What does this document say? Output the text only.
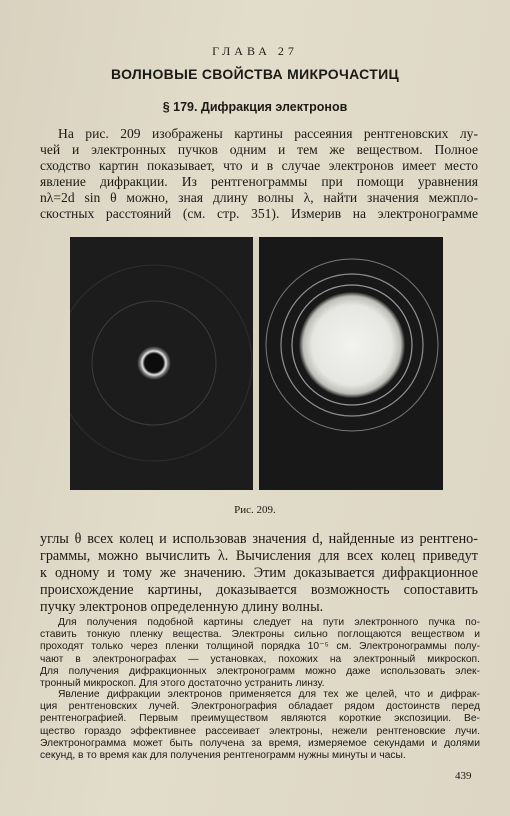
ГЛАВА 27
ВОЛНОВЫЕ СВОЙСТВА МИКРОЧАСТИЦ
§ 179. Дифракция электронов
На рис. 209 изображены картины рассеяния рентгеновских лу-
чей и электронных пучков одним и тем же веществом. Полное
сходство картин показывает, что и в случае электронов имеет место
явление дифракции. Из рентгенограммы при помощи уравнения
nλ=2d sin θ можно, зная длину волны λ, найти значения межпло-
скостных расстояний (см. стр. 351). Измерив на электронограмме
Рис. 209.
углы θ всех колец и использовав значения d, найденные из рентгено-
граммы, можно вычислить λ. Вычисления для всех колец приведут
к одному и тому же значению. Этим доказывается дифракционное
происхождение картины, доказывается возможность сопоставить
пучку электронов определенную длину волны.
Для получения подобной картины следует на пути электронного пучка по-
ставить тонкую пленку вещества. Электроны сильно поглощаются веществом и
проходят только через пленки толщиной порядка 10⁻⁵ см. Электронограммы полу-
чают в электронографах — установках, похожих на электронный микроскоп.
Для получения дифракционных электронограмм можно даже использовать элек-
тронный микроскоп. Для этого достаточно устранить линзу.
Явление дифракции электронов применяется для тех же целей, что и дифрак-
ция рентгеновских лучей. Электронография обладает рядом достоинств перед
рентгенографией. Первым преимуществом являются короткие экспозиции. Ве-
щество гораздо эффективнее рассеивает электроны, нежели рентгеновские лучи.
Электронограмма может быть получена за время, измеряемое секундами и долями
секунд, в то время как для получения рентгенограмм нужны минуты и часы.
439
